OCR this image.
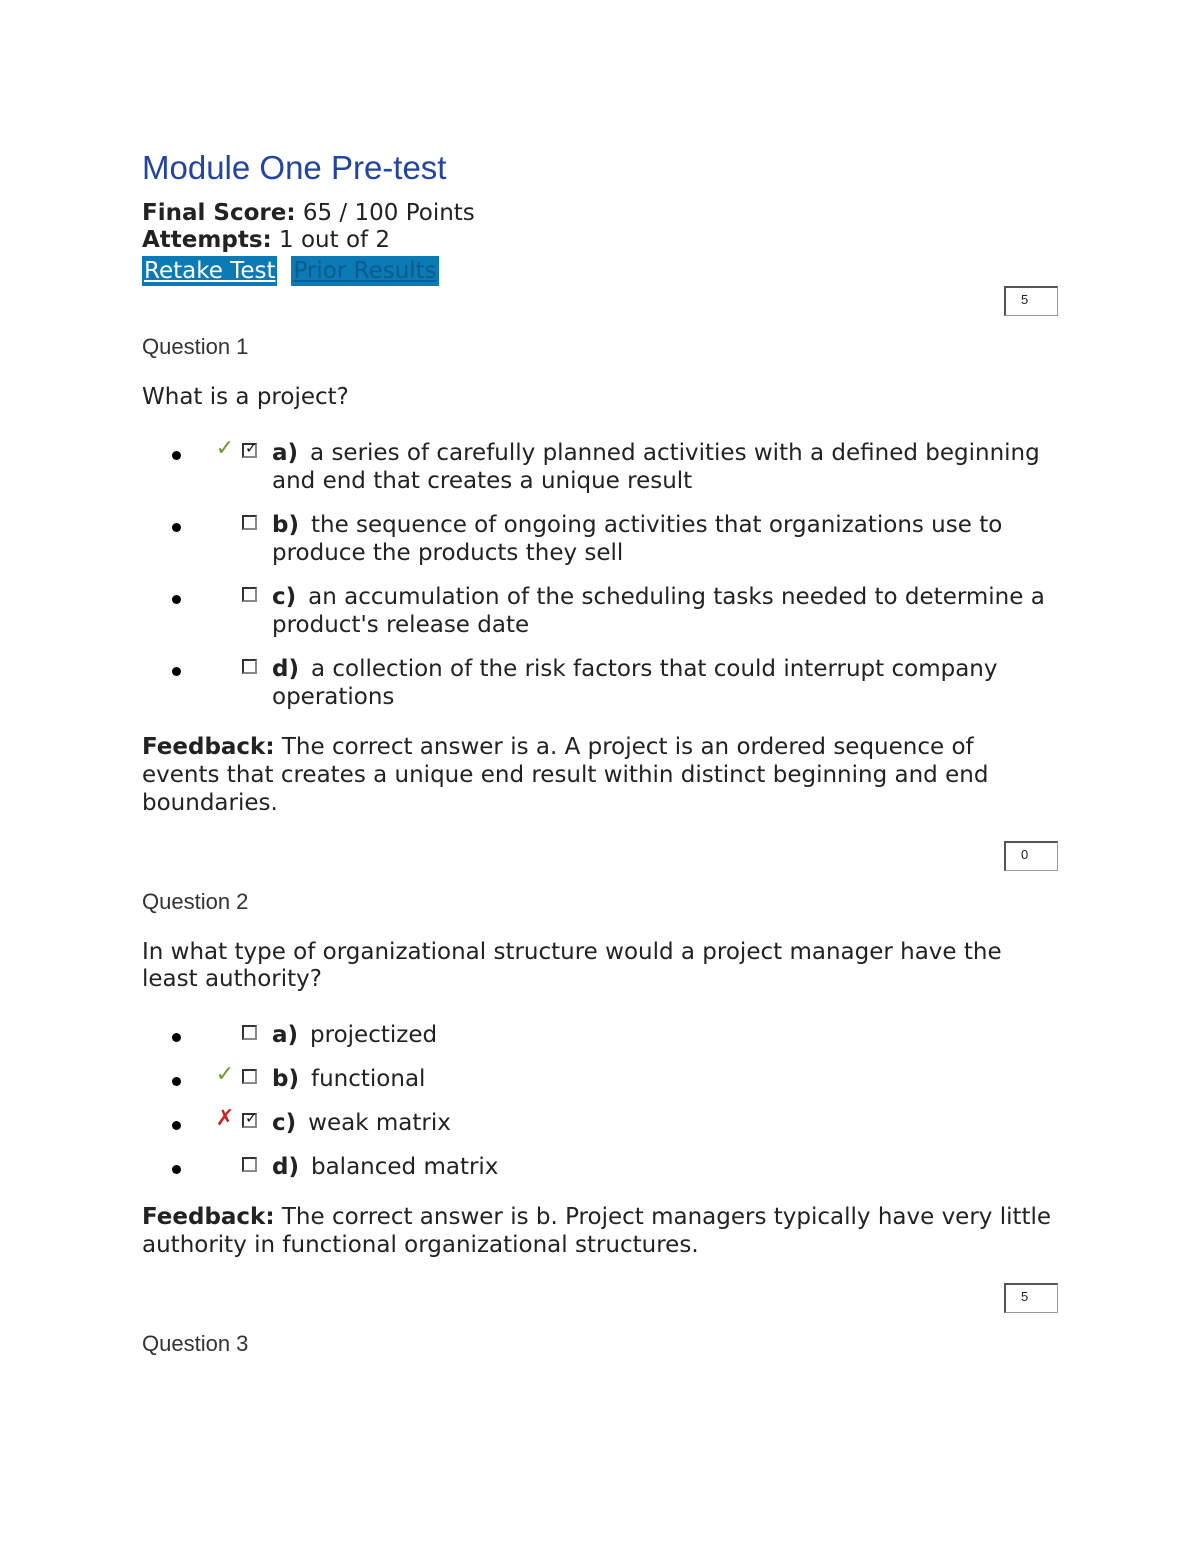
Module One Pre-test
Final Score: 65 / 100 Points
Attempts: 1 out of 2
Retake Test Prior Results
5

Question 1

What is a project?

✓ ✓ a) a series of carefully planned activities with a defined beginning and end that creates a unique result
b) the sequence of ongoing activities that organizations use to produce the products they sell
c) an accumulation of the scheduling tasks needed to determine a product's release date
d) a collection of the risk factors that could interrupt company operations

Feedback: The correct answer is a. A project is an ordered sequence of events that creates a unique end result within distinct beginning and end boundaries.

0

Question 2

In what type of organizational structure would a project manager have the least authority?

a) projectized
✓ b) functional
✗ ✓ c) weak matrix
d) balanced matrix

Feedback: The correct answer is b. Project managers typically have very little authority in functional organizational structures.

5

Question 3
